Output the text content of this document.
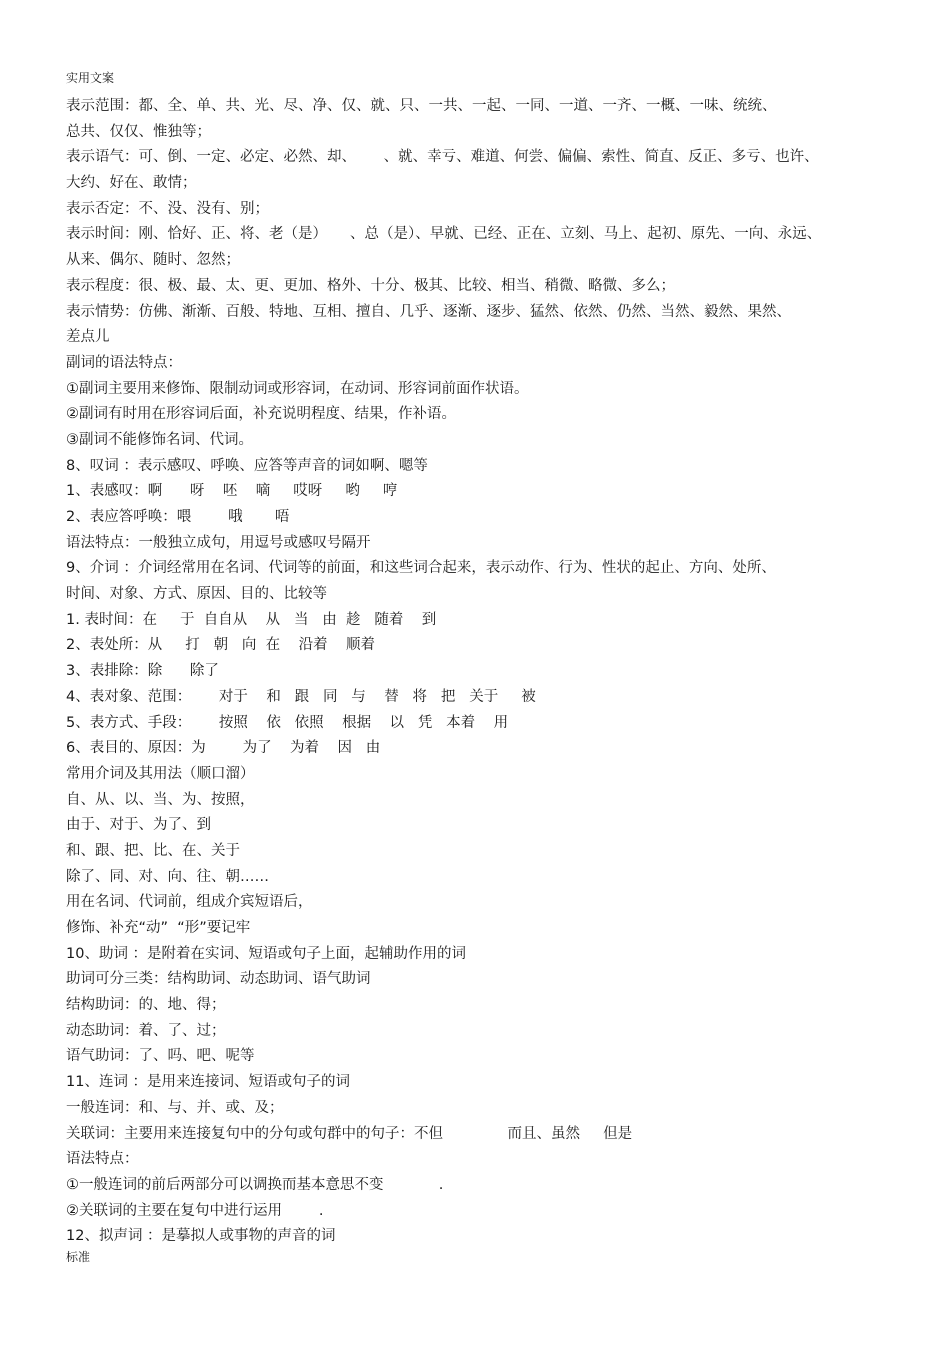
实用文案
表示范围：都、全、单、共、光、尽、净、仅、就、只、一共、一起、一同、一道、一齐、一概、一味、统统、
总共、仅仅、惟独等；
表示语气：可、倒、一定、必定、必然、却、      、就、幸亏、难道、何尝、偏偏、索性、简直、反正、多亏、也许、
大约、好在、敢情；
表示否定：不、没、没有、别；
表示时间：刚、恰好、正、将、老（是）     、总（是）、早就、已经、正在、立刻、马上、起初、原先、一向、永远、
从来、偶尔、随时、忽然；
表示程度：很、极、最、太、更、更加、格外、十分、极其、比较、相当、稍微、略微、多么；
表示情势：仿佛、渐渐、百般、特地、互相、擅自、几乎、逐渐、逐步、猛然、依然、仍然、当然、毅然、果然、
差点儿
副词的语法特点：
①副词主要用来修饰、限制动词或形容词，在动词、形容词前面作状语。
②副词有时用在形容词后面，补充说明程度、结果，作补语。
③副词不能修饰名词、代词。
8、叹词 ：表示感叹、呼唤、应答等声音的词如啊、嗯等
1、表感叹：啊      呀    呸    嘀     哎呀     哟     哼
2、表应答呼唤：喂        哦       唔
语法特点：一般独立成句，用逗号或感叹号隔开
9、介词 ：介词经常用在名词、代词等的前面，和这些词合起来，表示动作、行为、性状的起止、方向、处所、
时间、对象、方式、原因、目的、比较等
1. 表时间：在     于  自自从    从   当   由  趁   随着    到
2、表处所：从     打   朝   向  在    沿着    顺着
3、表排除：除      除了
4、表对象、范围：      对于    和   跟   同   与    替   将   把   关于     被
5、表方式、手段：      按照    依   依照    根据    以   凭   本着    用
6、表目的、原因：为        为了    为着    因   由
常用介词及其用法（顺口溜）
自、从、以、当、为、按照，
由于、对于、为了、到
和、跟、把、比、在、关于
除了、同、对、向、往、朝……
用在名词、代词前，组成介宾短语后，
修饰、补充“动”  “形”要记牢
10、助词 ：是附着在实词、短语或句子上面，起辅助作用的词
助词可分三类：结构助词、动态助词、语气助词
结构助词：的、地、得；
动态助词：着、了、过；
语气助词：了、吗、吧、呢等
11、连词 ：是用来连接词、短语或句子的词
一般连词：和、与、并、或、及；
关联词：主要用来连接复句中的分句或句群中的句子：不但              而且、虽然     但是
语法特点：
①一般连词的前后两部分可以调换而基本意思不变            .
②关联词的主要在复句中进行运用        .
12、拟声词 ：是摹拟人或事物的声音的词
标准
